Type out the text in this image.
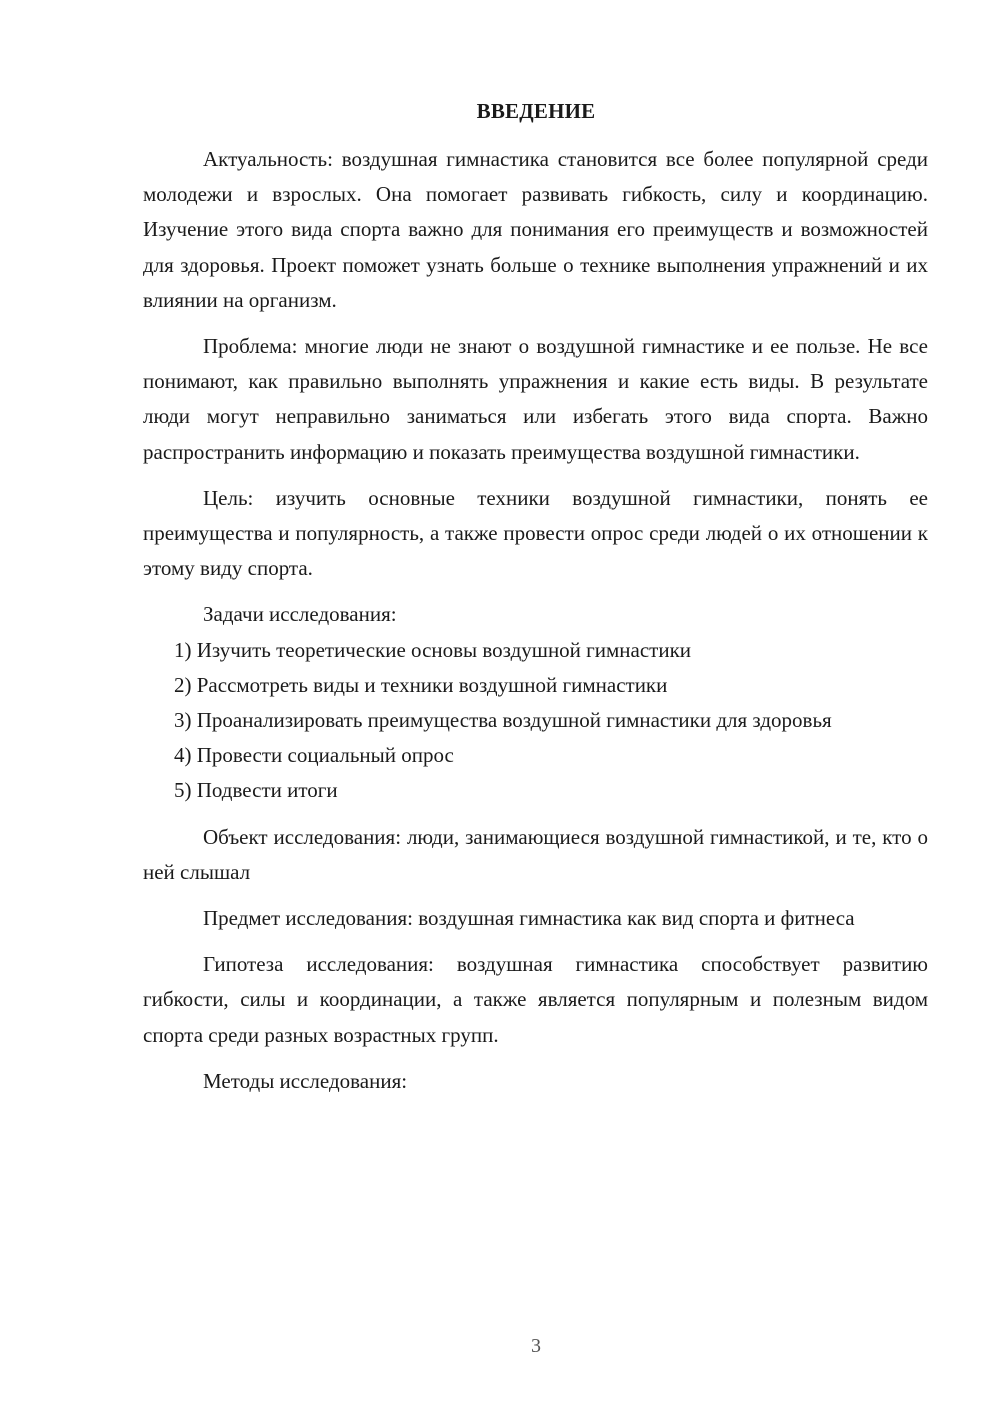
ВВЕДЕНИЕ

Актуальность: воздушная гимнастика становится все более популярной среди молодежи и взрослых. Она помогает развивать гибкость, силу и координацию. Изучение этого вида спорта важно для понимания его преимуществ и возможностей для здоровья. Проект поможет узнать больше о технике выполнения упражнений и их влиянии на организм.

Проблема: многие люди не знают о воздушной гимнастике и ее пользе. Не все понимают, как правильно выполнять упражнения и какие есть виды. В результате люди могут неправильно заниматься или избегать этого вида спорта. Важно распространить информацию и показать преимущества воздушной гимнастики.

Цель: изучить основные техники воздушной гимнастики, понять ее преимущества и популярность, а также провести опрос среди людей о их отношении к этому виду спорта.

Задачи исследования:

1) Изучить теоретические основы воздушной гимнастики

2) Рассмотреть виды и техники воздушной гимнастики

3) Проанализировать преимущества воздушной гимнастики для здоровья

4) Провести социальный опрос

5) Подвести итоги

Объект исследования: люди, занимающиеся воздушной гимнастикой, и те, кто о ней слышал

Предмет исследования: воздушная гимнастика как вид спорта и фитнеса

Гипотеза исследования: воздушная гимнастика способствует развитию гибкости, силы и координации, а также является популярным и полезным видом спорта среди разных возрастных групп.

Методы исследования:

3
